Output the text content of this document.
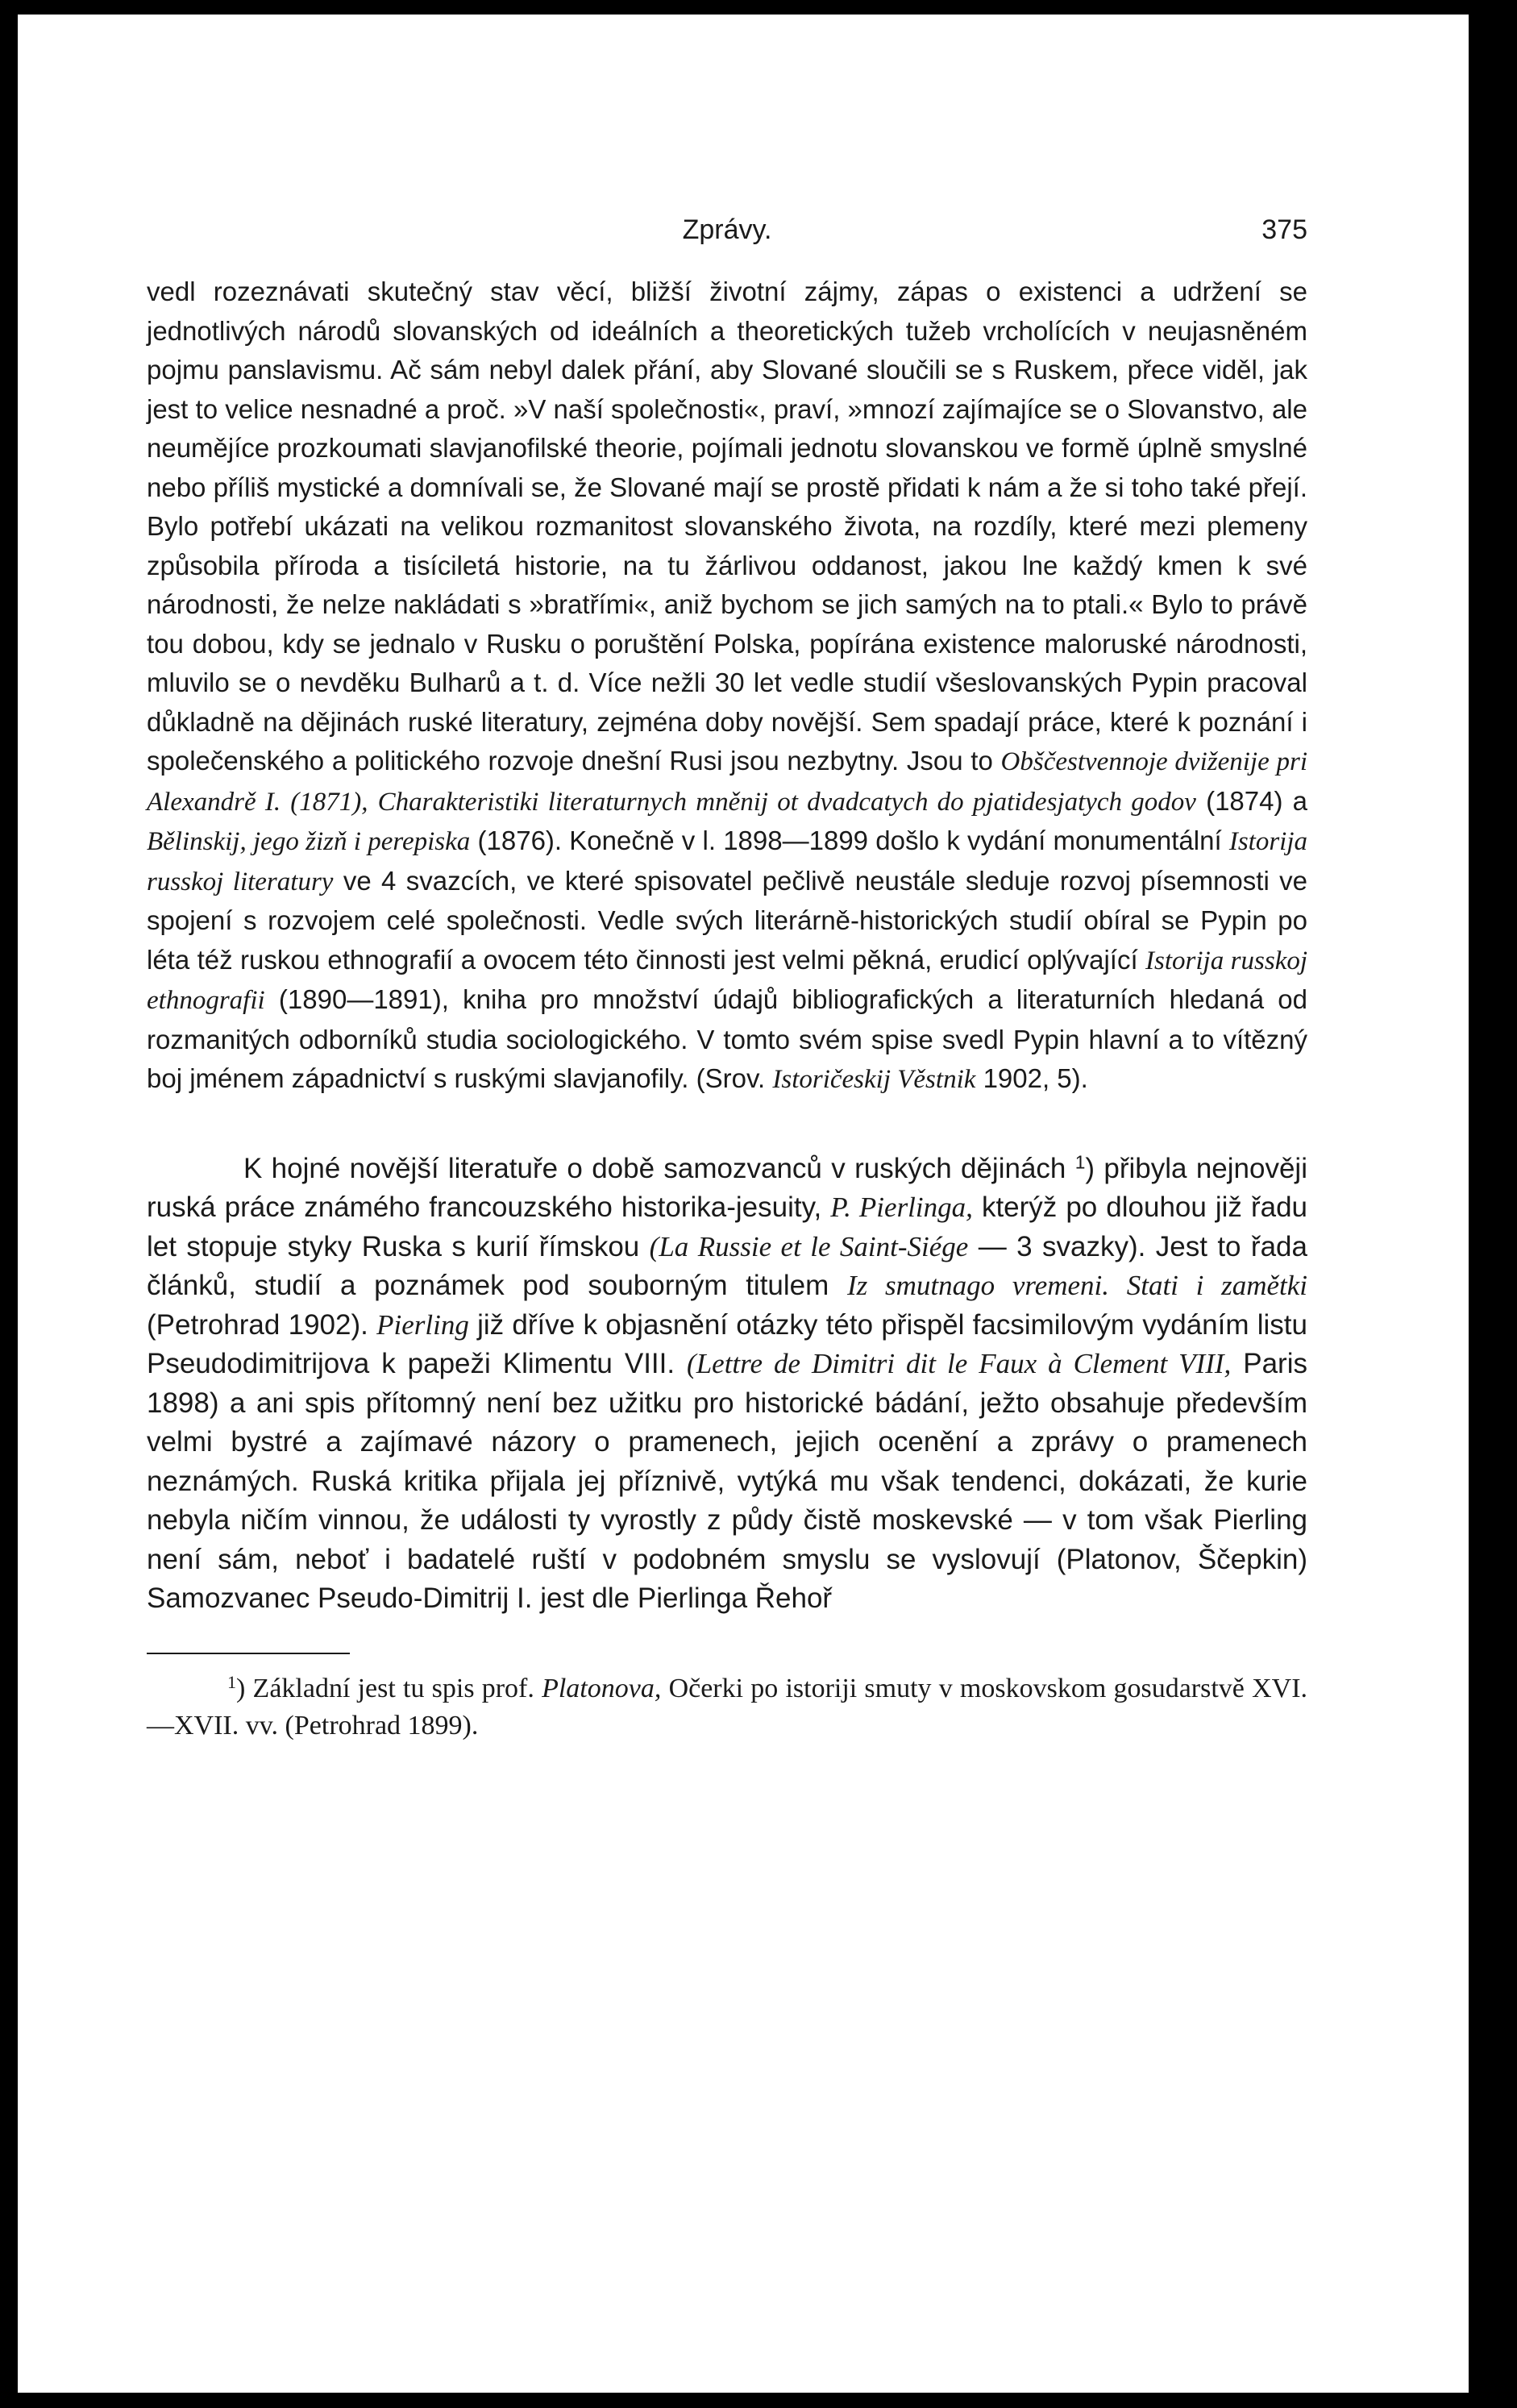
Zprávy.	375

vedl rozeznávati skutečný stav věcí, bližší životní zájmy, zápas o existenci a udržení se jednotlivých národů slovanských od ideálních a theoretických tužeb vrcholících v neujasněném pojmu panslavismu. Ač sám nebyl dalek přání, aby Slované sloučili se s Ruskem, přece viděl, jak jest to velice nesnadné a proč. »V naší společnosti«, praví, »mnozí zajímajíce se o Slovanstvo, ale neumějíce prozkoumati slavjanofilské theorie, pojímali jednotu slovanskou ve formě úplně smyslné nebo příliš mystické a domnívali se, že Slované mají se prostě přidati k nám a že si toho také přejí. Bylo potřebí ukázati na velikou rozmanitost slovanského života, na rozdíly, které mezi plemeny způsobila příroda a tisíciletá historie, na tu žárlivou oddanost, jakou lne každý kmen k své národnosti, že nelze nakládati s »bratřími«, aniž bychom se jich samých na to ptali.« Bylo to právě tou dobou, kdy se jednalo v Rusku o poruštění Polska, popírána existence maloruské národnosti, mluvilo se o nevděku Bulharů a t. d. Více nežli 30 let vedle studií všeslovanských Pypin pracoval důkladně na dějinách ruské literatury, zejména doby novější. Sem spadají práce, které k poznání i společenského a politického rozvoje dnešní Rusi jsou nezbytny. Jsou to Obščestvennoje dviženije pri Alexandrě I. (1871), Charakteristiki literaturnych mněnij ot dvadcatych do pjatidesjatych godov (1874) a Bělinskij, jego žizň i perepiska (1876). Konečně v l. 1898—1899 došlo k vydání monumentální Istorija russkoj literatury ve 4 svazcích, ve které spisovatel pečlivě neustále sleduje rozvoj písemnosti ve spojení s rozvojem celé společnosti. Vedle svých literárně-historických studií obíral se Pypin po léta též ruskou ethnografií a ovocem této činnosti jest velmi pěkná, erudicí oplývající Istorija russkoj ethnografii (1890—1891), kniha pro množství údajů bibliografických a literaturních hledaná od rozmanitých odborníků studia sociologického. V tomto svém spise svedl Pypin hlavní a to vítězný boj jménem západnictví s ruskými slavjanofily. (Srov. Istoričeskij Věstnik 1902, 5).

K hojné novější literatuře o době samozvanců v ruských dějinách $^1$) přibyla nejnověji ruská práce známého francouzského historika-jesuity, P. Pierlinga, kterýž po dlouhou již řadu let stopuje styky Ruska s kurií římskou (La Russie et le Saint-Siége — 3 svazky). Jest to řada článků, studií a poznámek pod souborným titulem Iz smutnago vremeni. Stati i zamětki (Petrohrad 1902). Pierling již dříve k objasnění otázky této přispěl facsimilovým vydáním listu Pseudodimitrijova k papeži Klimentu VIII. (Lettre de Dimitri dit le Faux à Clement VIII, Paris 1898) a ani spis přítomný není bez užitku pro historické bádání, ježto obsahuje především velmi bystré a zajímavé názory o pramenech, jejich ocenění a zprávy o pramenech neznámých. Ruská kritika přijala jej příznivě, vytýká mu však tendenci, dokázati, že kurie nebyla ničím vinnou, že události ty vyrostly z půdy čistě moskevské — v tom však Pierling není sám, neboť i badatelé ruští v podobném smyslu se vyslovují (Platonov, Ščepkin) Samozvanec Pseudo-Dimitrij I. jest dle Pierlinga Řehoř

$^1$) Základní jest tu spis prof. Platonova, Očerki po istoriji smuty v moskovskom gosudarstvě XVI.—XVII. vv. (Petrohrad 1899).
